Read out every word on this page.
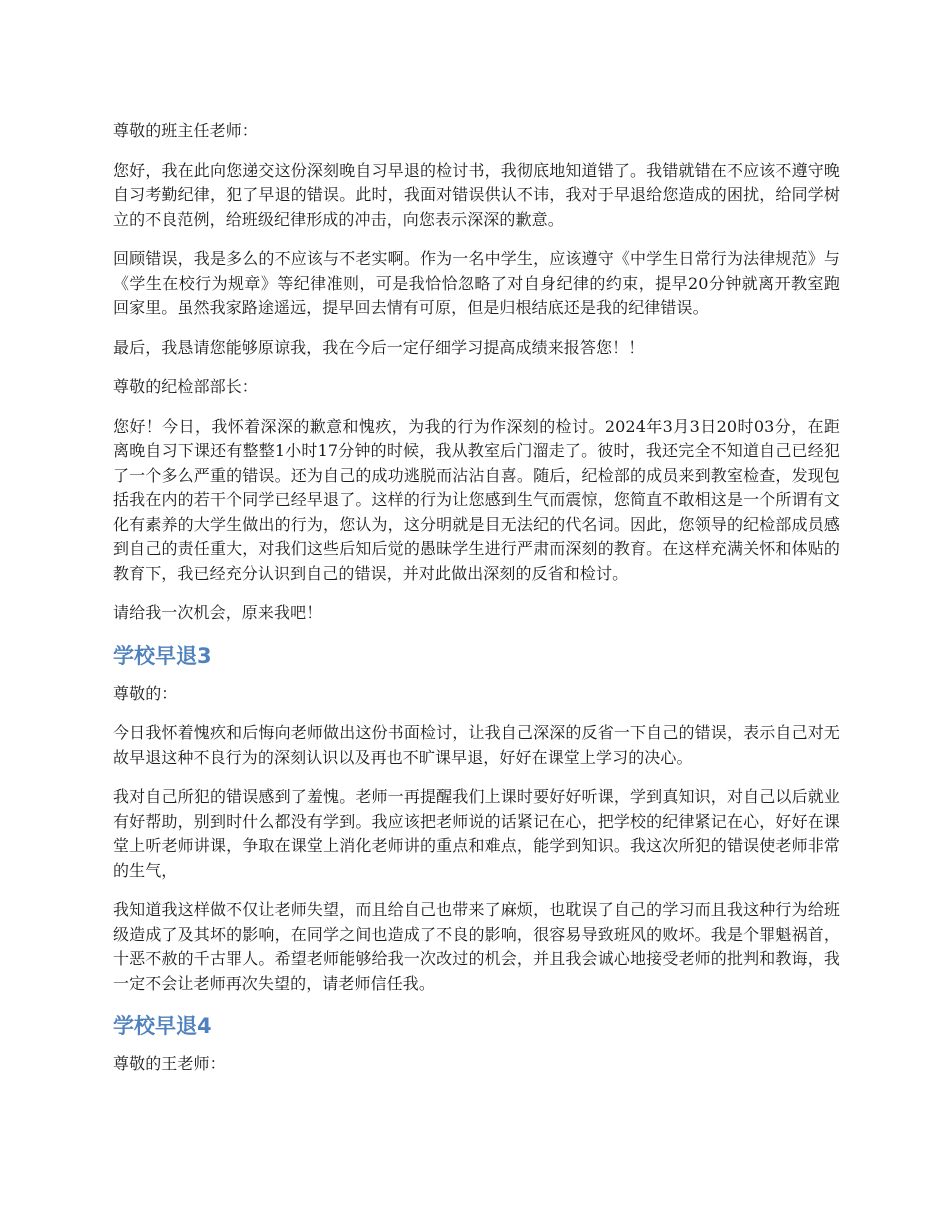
尊敬的班主任老师：

您好，我在此向您递交这份深刻晚自习早退的检讨书，我彻底地知道错了。我错就错在不应该不遵守晚自习考勤纪律，犯了早退的错误。此时，我面对错误供认不讳，我对于早退给您造成的困扰，给同学树立的不良范例，给班级纪律形成的冲击，向您表示深深的歉意。

回顾错误，我是多么的不应该与不老实啊。作为一名中学生，应该遵守《中学生日常行为法律规范》与《学生在校行为规章》等纪律准则，可是我恰恰忽略了对自身纪律的约束，提早20分钟就离开教室跑回家里。虽然我家路途遥远，提早回去情有可原，但是归根结底还是我的纪律错误。

最后，我恳请您能够原谅我，我在今后一定仔细学习提高成绩来报答您！！

尊敬的纪检部部长：

您好！今日，我怀着深深的歉意和愧疚，为我的行为作深刻的检讨。2024年3月3日20时03分，在距离晚自习下课还有整整1小时17分钟的时候，我从教室后门溜走了。彼时，我还完全不知道自己已经犯了一个多么严重的错误。还为自己的成功逃脱而沾沾自喜。随后，纪检部的成员来到教室检查，发现包括我在内的若干个同学已经早退了。这样的行为让您感到生气而震惊，您简直不敢相这是一个所谓有文化有素养的大学生做出的行为，您认为，这分明就是目无法纪的代名词。因此，您领导的纪检部成员感到自己的责任重大，对我们这些后知后觉的愚昧学生进行严肃而深刻的教育。在这样充满关怀和体贴的教育下，我已经充分认识到自己的错误，并对此做出深刻的反省和检讨。

请给我一次机会，原来我吧！

学校早退3

尊敬的：

今日我怀着愧疚和后悔向老师做出这份书面检讨，让我自己深深的反省一下自己的错误，表示自己对无故早退这种不良行为的深刻认识以及再也不旷课早退，好好在课堂上学习的决心。

我对自己所犯的错误感到了羞愧。老师一再提醒我们上课时要好好听课，学到真知识，对自己以后就业有好帮助，别到时什么都没有学到。我应该把老师说的话紧记在心，把学校的纪律紧记在心，好好在课堂上听老师讲课，争取在课堂上消化老师讲的重点和难点，能学到知识。我这次所犯的错误使老师非常的生气，

我知道我这样做不仅让老师失望，而且给自己也带来了麻烦，也耽误了自己的学习而且我这种行为给班级造成了及其坏的影响，在同学之间也造成了不良的影响，很容易导致班风的败坏。我是个罪魁祸首，十恶不赦的千古罪人。希望老师能够给我一次改过的机会，并且我会诚心地接受老师的批判和教诲，我一定不会让老师再次失望的，请老师信任我。

学校早退4

尊敬的王老师：
